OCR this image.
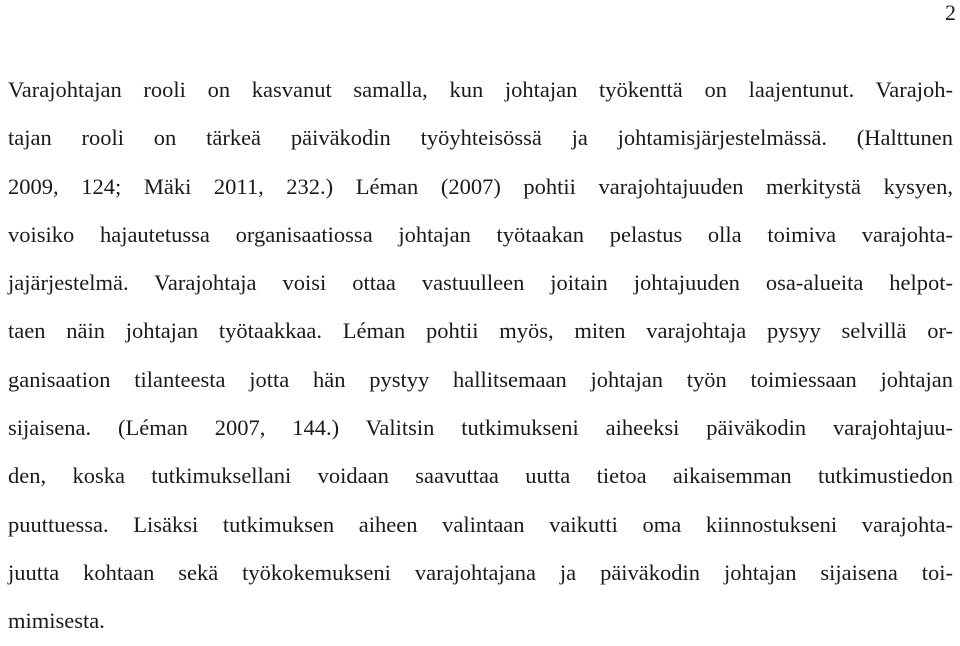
2
Varajohtajan rooli on kasvanut samalla, kun johtajan työkenttä on laajentunut. Varajoh-
tajan rooli on tärkeä päiväkodin työyhteisössä ja johtamisjärjestelmässä. (Halttunen
2009, 124; Mäki 2011, 232.) Léman (2007) pohtii varajohtajuuden merkitystä kysyen,
voisiko hajautetussa organisaatiossa johtajan työtaakan pelastus olla toimiva varajohta-
jajärjestelmä. Varajohtaja voisi ottaa vastuulleen joitain johtajuuden osa-alueita helpot-
taen näin johtajan työtaakkaa. Léman pohtii myös, miten varajohtaja pysyy selvillä or-
ganisaation tilanteesta jotta hän pystyy hallitsemaan johtajan työn toimiessaan johtajan
sijaisena. (Léman 2007, 144.) Valitsin tutkimukseni aiheeksi päiväkodin varajohtajuu-
den, koska tutkimuksellani voidaan saavuttaa uutta tietoa aikaisemman tutkimustiedon
puuttuessa. Lisäksi tutkimuksen aiheen valintaan vaikutti oma kiinnostukseni varajohta-
juutta kohtaan sekä työkokemukseni varajohtajana ja päiväkodin johtajan sijaisena toi-
mimisesta.
